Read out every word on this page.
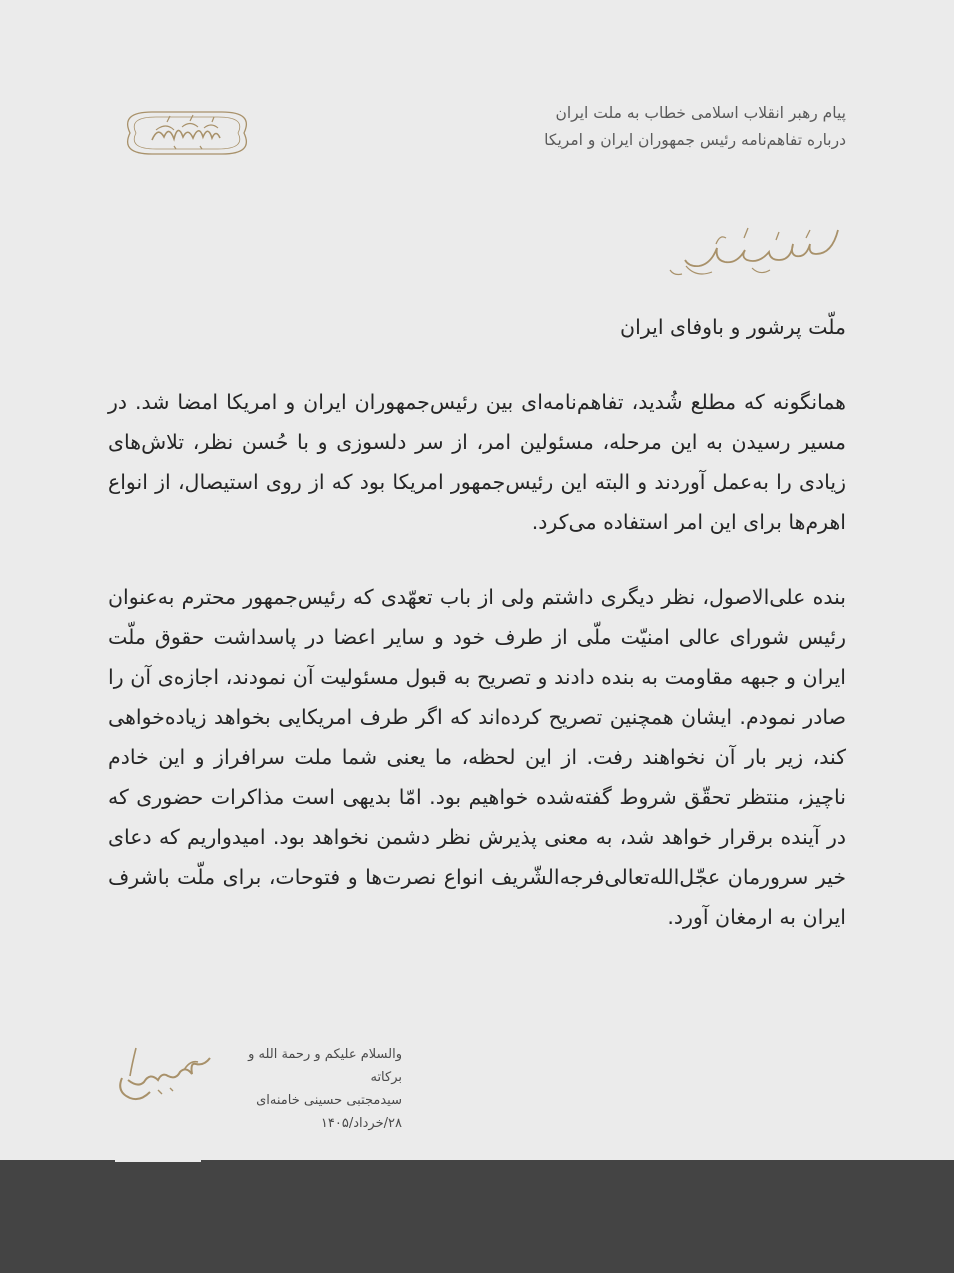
پیام رهبر انقلاب اسلامی خطاب به ملت ایران
درباره تفاهم‌نامه رئیس جمهوران ایران و امریکا

ملّت پرشور و باوفای ایران

همانگونه که مطلع شُدید، تفاهم‌نامه‌ای بین رئیس‌جمهوران ایران و امریکا امضا شد. در مسیر رسیدن به این مرحله، مسئولین امر، از سر دلسوزی و با حُسن نظر، تلاش‌های زیادی را به‌عمل آوردند و البته این رئیس‌جمهور امریکا بود که از روی استیصال، از انواع اهرم‌ها برای این امر استفاده می‌کرد.

بنده علی‌الاصول، نظر دیگری داشتم ولی از باب تعهّدی که رئیس‌جمهور محترم به‌عنوان رئیس شورای عالی امنیّت ملّی از طرف خود و سایر اعضا در پاسداشت حقوق ملّت ایران و جبهه مقاومت به بنده دادند و تصریح به قبول مسئولیت آن نمودند، اجازه‌ی آن را صادر نمودم. ایشان همچنین تصریح کرده‌اند که اگر طرف امریکایی بخواهد زیاده‌خواهی کند، زیر بار آن نخواهند رفت. از این لحظه، ما یعنی شما ملت سرافراز و این خادم ناچیز، منتظر تحقّق شروط گفته‌شده خواهیم بود. امّا بدیهی است مذاکرات حضوری که در آینده برقرار خواهد شد، به معنی پذیرش نظر دشمن نخواهد بود. امیدواریم که دعای خیر سرورمان عجّل‌الله‌تعالی‌فرجه‌الشّریف انواع نصرت‌ها و فتوحات، برای ملّت باشرف ایران به ارمغان آورد.

والسلام علیکم و رحمة الله و برکاته
سیدمجتبی حسینی خامنه‌ای
۲۸/خرداد/۱۴۰۵
